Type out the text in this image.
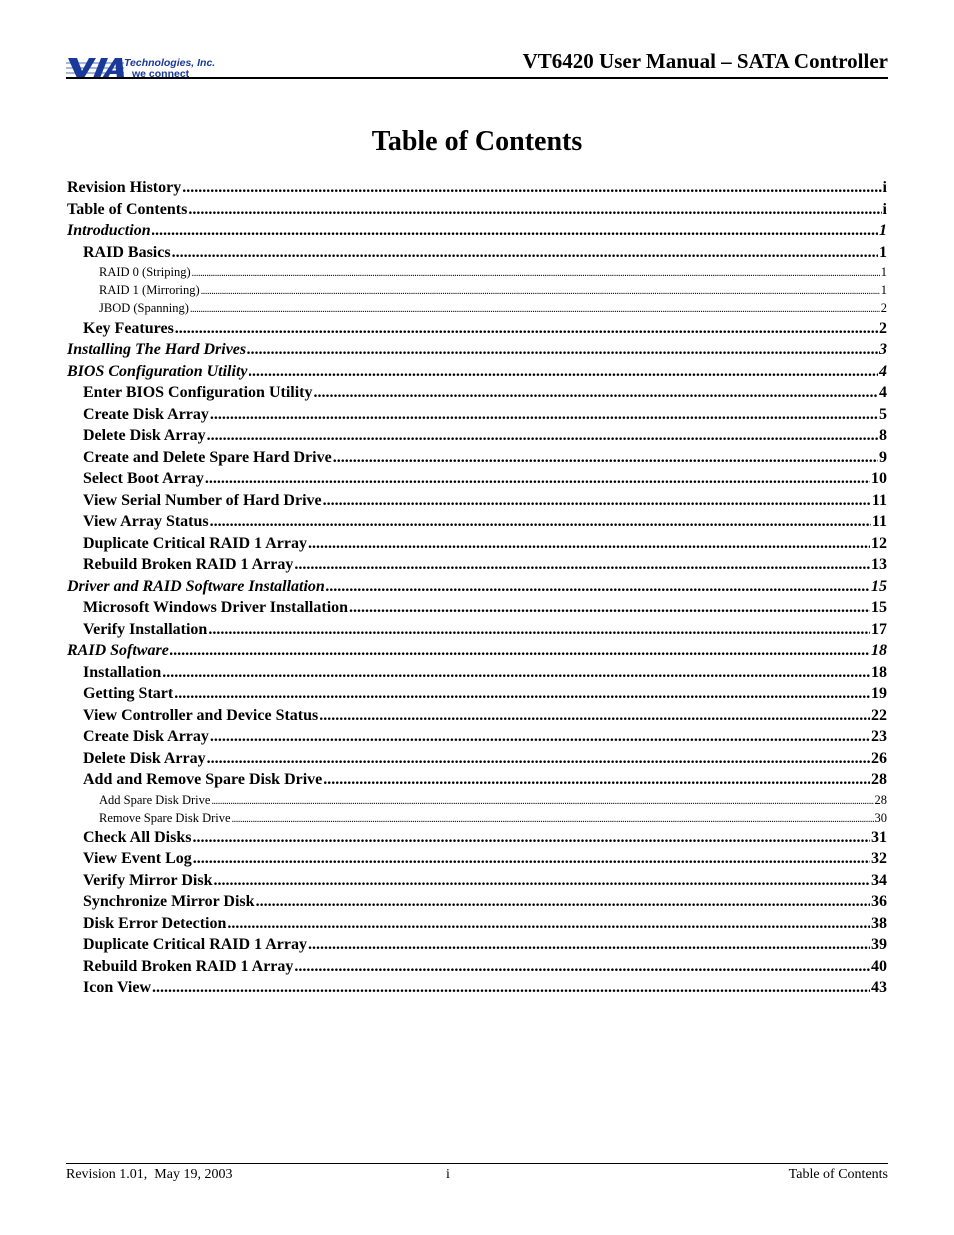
Technologies, Inc.
we connect
VT6420 User Manual – SATA Controller
Table of Contents
Revision History .....	i
Table of Contents .....	i
Introduction .....	1
RAID Basics .....	1
RAID 0 (Striping) .....	1
RAID 1 (Mirroring) .....	1
JBOD (Spanning) .....	2
Key Features .....	2
Installing The Hard Drives .....	3
BIOS Configuration Utility .....	4
Enter BIOS Configuration Utility .....	4
Create Disk Array .....	5
Delete Disk Array .....	8
Create and Delete Spare Hard Drive .....	9
Select Boot Array .....	10
View Serial Number of Hard Drive .....	11
View Array Status .....	11
Duplicate Critical RAID 1 Array .....	12
Rebuild Broken RAID 1 Array .....	13
Driver and RAID Software Installation .....	15
Microsoft Windows Driver Installation .....	15
Verify Installation .....	17
RAID Software .....	18
Installation .....	18
Getting Start .....	19
View Controller and Device Status .....	22
Create Disk Array .....	23
Delete Disk Array .....	26
Add and Remove Spare Disk Drive .....	28
Add Spare Disk Drive .....	28
Remove Spare Disk Drive .....	30
Check All Disks .....	31
View Event Log .....	32
Verify Mirror Disk .....	34
Synchronize Mirror Disk .....	36
Disk Error Detection .....	38
Duplicate Critical RAID 1 Array .....	39
Rebuild Broken RAID 1 Array .....	40
Icon View .....	43
Revision 1.01,  May 19, 2003	i	Table of Contents
